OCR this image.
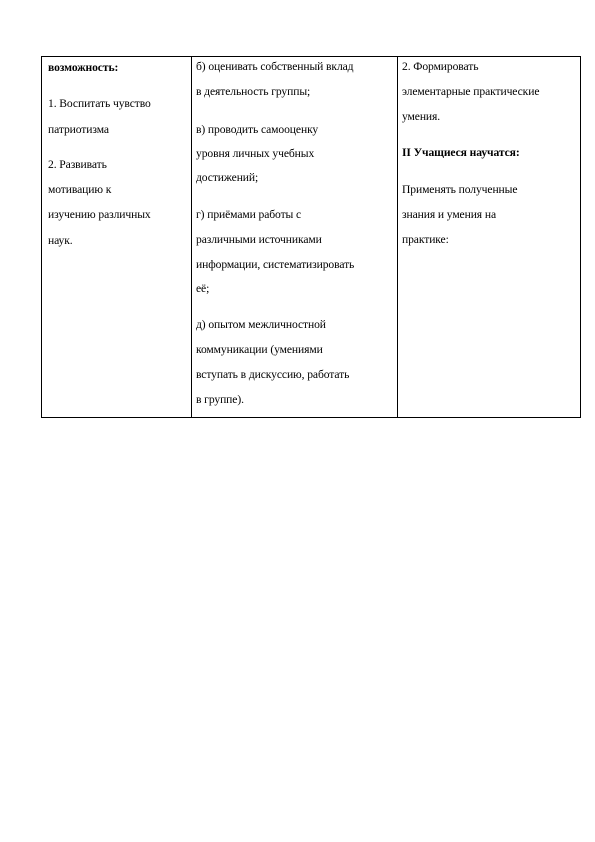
возможность:
1. Воспитать чувство
патриотизма
2. Развивать
мотивацию к
изучению различных
наук.
б) оценивать собственный вклад
в деятельность группы;
в) проводить самооценку
уровня личных учебных
достижений;
г) приёмами работы с
различными источниками
информации, систематизировать
её;
д) опытом межличностной
коммуникации (умениями
вступать в дискуссию, работать
в группе).
2. Формировать
элементарные практические
умения.
II Учащиеся научатся:
Применять полученные
знания и умения на
практике:
